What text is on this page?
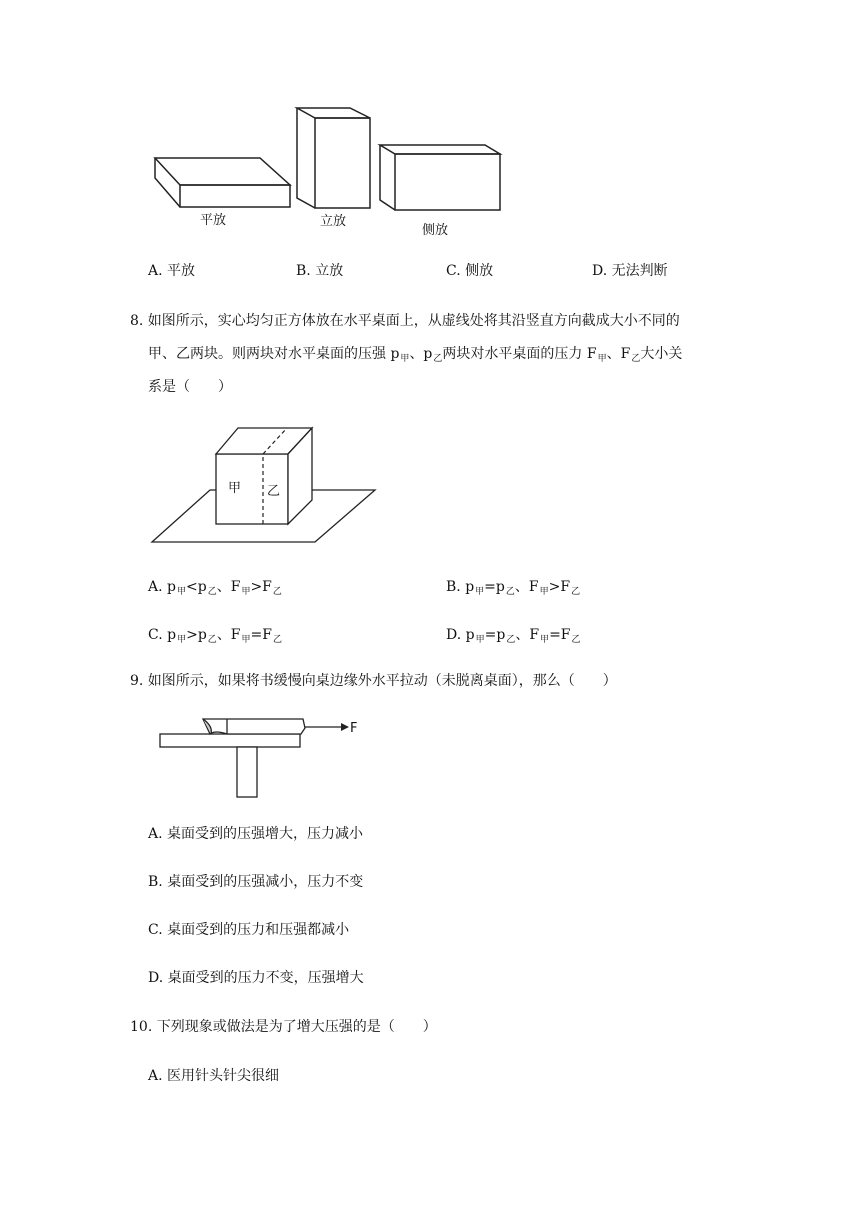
平放	立放
侧放
A. 平放	B. 立放	C. 侧放	D. 无法判断
8. 如图所示，实心均匀正方体放在水平桌面上，从虚线处将其沿竖直方向截成大小不同的
甲、乙两块。则两块对水平桌面的压强 $p_甲$、$p_乙$两块对水平桌面的压力 $F_甲$、$F_乙$大小关
系是（　　）
甲 乙
A. $p_甲<p_乙$、$F_甲>F_乙$	B. $p_甲=p_乙$、$F_甲>F_乙$
C. $p_甲>p_乙$、$F_甲=F_乙$	D. $p_甲=p_乙$、$F_甲=F_乙$
9. 如图所示，如果将书缓慢向桌边缘外水平拉动（未脱离桌面），那么（　　）
F
A. 桌面受到的压强增大，压力减小
B. 桌面受到的压强减小，压力不变
C. 桌面受到的压力和压强都减小
D. 桌面受到的压力不变，压强增大
10. 下列现象或做法是为了增大压强的是（　　）
A. 医用针头针尖很细
